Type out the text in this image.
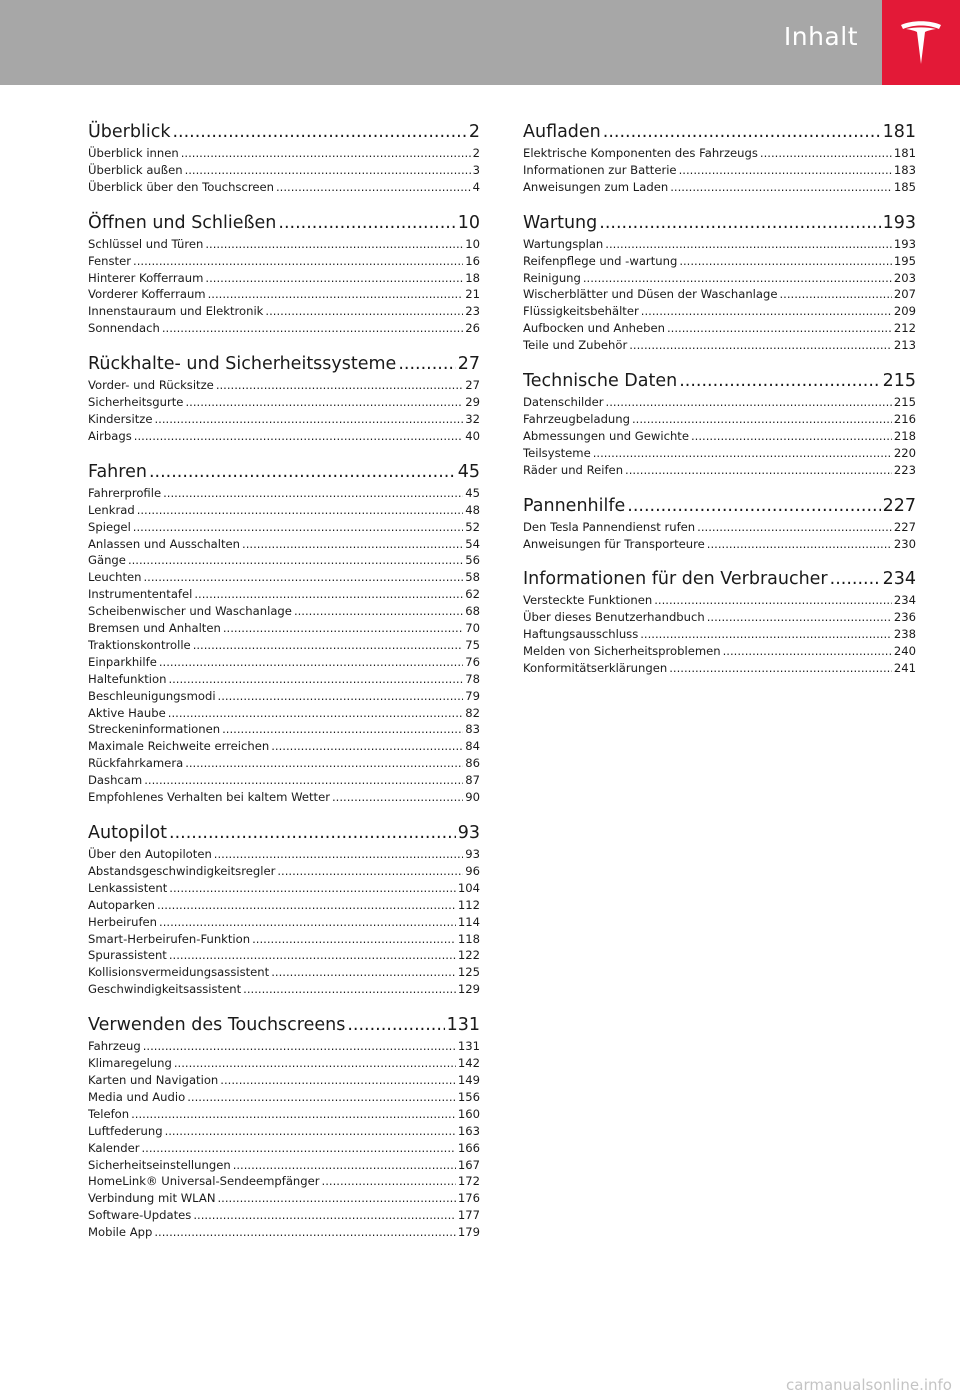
Inhalt
Überblick .....	2
Überblick innen .....	2
Überblick außen .....	3
Überblick über den Touchscreen .....	4
Öffnen und Schließen .....	10
Schlüssel und Türen .....	10
Fenster .....	16
Hinterer Kofferraum .....	18
Vorderer Kofferraum .....	21
Innenstauraum und Elektronik .....	23
Sonnendach .....	26
Rückhalte- und Sicherheitssysteme .....	27
Vorder- und Rücksitze .....	27
Sicherheitsgurte .....	29
Kindersitze .....	32
Airbags .....	40
Fahren .....	45
Fahrerprofile .....	45
Lenkrad .....	48
Spiegel .....	52
Anlassen und Ausschalten .....	54
Gänge .....	56
Leuchten .....	58
Instrumententafel .....	62
Scheibenwischer und Waschanlage .....	68
Bremsen und Anhalten .....	70
Traktionskontrolle .....	75
Einparkhilfe .....	76
Haltefunktion .....	78
Beschleunigungsmodi .....	79
Aktive Haube .....	82
Streckeninformationen .....	83
Maximale Reichweite erreichen .....	84
Rückfahrkamera .....	86
Dashcam .....	87
Empfohlenes Verhalten bei kaltem Wetter .....	90
Autopilot .....	93
Über den Autopiloten .....	93
Abstandsgeschwindigkeitsregler .....	96
Lenkassistent .....	104
Autoparken .....	112
Herbeirufen .....	114
Smart-Herbeirufen-Funktion .....	118
Spurassistent .....	122
Kollisionsvermeidungsassistent .....	125
Geschwindigkeitsassistent .....	129
Verwenden des Touchscreens .....	131
Fahrzeug .....	131
Klimaregelung .....	142
Karten und Navigation .....	149
Media und Audio .....	156
Telefon .....	160
Luftfederung .....	163
Kalender .....	166
Sicherheitseinstellungen .....	167
HomeLink® Universal-Sendeempfänger .....	172
Verbindung mit WLAN .....	176
Software-Updates .....	177
Mobile App .....	179
Aufladen .....	181
Elektrische Komponenten des Fahrzeugs .....	181
Informationen zur Batterie .....	183
Anweisungen zum Laden .....	185
Wartung .....	193
Wartungsplan .....	193
Reifenpflege und -wartung .....	195
Reinigung .....	203
Wischerblätter und Düsen der Waschanlage .....	207
Flüssigkeitsbehälter .....	209
Aufbocken und Anheben .....	212
Teile und Zubehör .....	213
Technische Daten .....	215
Datenschilder .....	215
Fahrzeugbeladung .....	216
Abmessungen und Gewichte .....	218
Teilsysteme .....	220
Räder und Reifen .....	223
Pannenhilfe .....	227
Den Tesla Pannendienst rufen .....	227
Anweisungen für Transporteure .....	230
Informationen für den Verbraucher .....	234
Versteckte Funktionen .....	234
Über dieses Benutzerhandbuch .....	236
Haftungsausschluss .....	238
Melden von Sicherheitsproblemen .....	240
Konformitätserklärungen .....	241
carmanualsonline.info
